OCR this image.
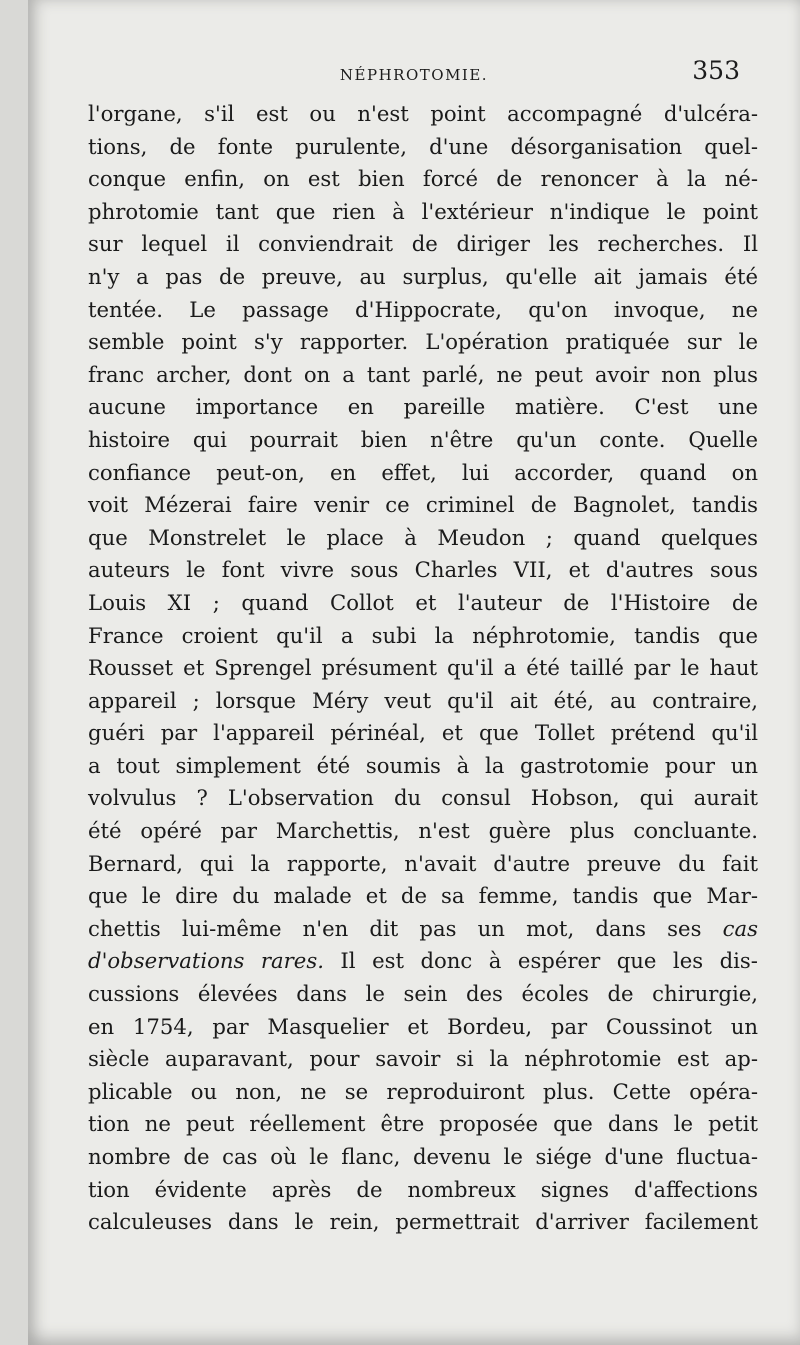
NÉPHROTOMIE.	353
l'organe, s'il est ou n'est point accompagné d'ulcéra-
tions, de fonte purulente, d'une désorganisation quel-
conque enfin, on est bien forcé de renoncer à la né-
phrotomie tant que rien à l'extérieur n'indique le point
sur lequel il conviendrait de diriger les recherches. Il
n'y a pas de preuve, au surplus, qu'elle ait jamais été
tentée. Le passage d'Hippocrate, qu'on invoque, ne
semble point s'y rapporter. L'opération pratiquée sur le
franc archer, dont on a tant parlé, ne peut avoir non plus
aucune importance en pareille matière. C'est une
histoire qui pourrait bien n'être qu'un conte. Quelle
confiance peut-on, en effet, lui accorder, quand on
voit Mézerai faire venir ce criminel de Bagnolet, tandis
que Monstrelet le place à Meudon ; quand quelques
auteurs le font vivre sous Charles VII, et d'autres sous
Louis XI ; quand Collot et l'auteur de l'Histoire de
France croient qu'il a subi la néphrotomie, tandis que
Rousset et Sprengel présument qu'il a été taillé par le haut
appareil ; lorsque Méry veut qu'il ait été, au contraire,
guéri par l'appareil périnéal, et que Tollet prétend qu'il
a tout simplement été soumis à la gastrotomie pour un
volvulus ? L'observation du consul Hobson, qui aurait
été opéré par Marchettis, n'est guère plus concluante.
Bernard, qui la rapporte, n'avait d'autre preuve du fait
que le dire du malade et de sa femme, tandis que Mar-
chettis lui-même n'en dit pas un mot, dans ses cas
d'observations rares. Il est donc à espérer que les dis-
cussions élevées dans le sein des écoles de chirurgie,
en 1754, par Masquelier et Bordeu, par Coussinot un
siècle auparavant, pour savoir si la néphrotomie est ap-
plicable ou non, ne se reproduiront plus. Cette opéra-
tion ne peut réellement être proposée que dans le petit
nombre de cas où le flanc, devenu le siége d'une fluctua-
tion évidente après de nombreux signes d'affections
calculeuses dans le rein, permettrait d'arriver facilement
